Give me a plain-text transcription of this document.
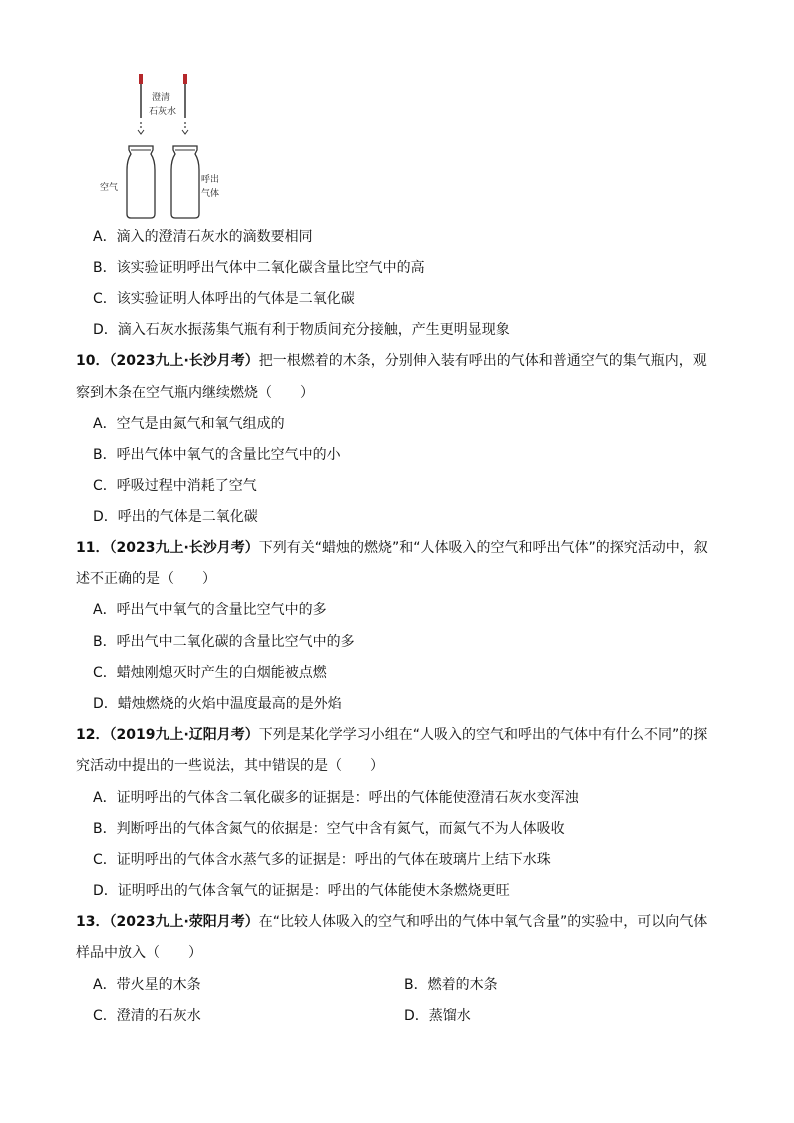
澄清
石灰水
空气
呼出
气体
A．滴入的澄清石灰水的滴数要相同
B．该实验证明呼出气体中二氧化碳含量比空气中的高
C．该实验证明人体呼出的气体是二氧化碳
D．滴入石灰水振荡集气瓶有利于物质间充分接触，产生更明显现象
10．（2023九上·长沙月考）把一根燃着的木条，分别伸入装有呼出的气体和普通空气的集气瓶内，观
察到木条在空气瓶内继续燃烧（　　）
A．空气是由氮气和氧气组成的
B．呼出气体中氧气的含量比空气中的小
C．呼吸过程中消耗了空气
D．呼出的气体是二氧化碳
11．（2023九上·长沙月考）下列有关“蜡烛的燃烧”和“人体吸入的空气和呼出气体”的探究活动中，叙
述不正确的是（　　）
A．呼出气中氧气的含量比空气中的多
B．呼出气中二氧化碳的含量比空气中的多
C．蜡烛刚熄灭时产生的白烟能被点燃
D．蜡烛燃烧的火焰中温度最高的是外焰
12．（2019九上·辽阳月考）下列是某化学学习小组在“人吸入的空气和呼出的气体中有什么不同”的探
究活动中提出的一些说法，其中错误的是（　　）
A．证明呼出的气体含二氧化碳多的证据是：呼出的气体能使澄清石灰水变浑浊
B．判断呼出的气体含氮气的依据是：空气中含有氮气，而氮气不为人体吸收
C．证明呼出的气体含水蒸气多的证据是：呼出的气体在玻璃片上结下水珠
D．证明呼出的气体含氧气的证据是：呼出的气体能使木条燃烧更旺
13．（2023九上·荥阳月考）在“比较人体吸入的空气和呼出的气体中氧气含量”的实验中，可以向气体
样品中放入（　　）
A．带火星的木条	B．燃着的木条
C．澄清的石灰水	D．蒸馏水
